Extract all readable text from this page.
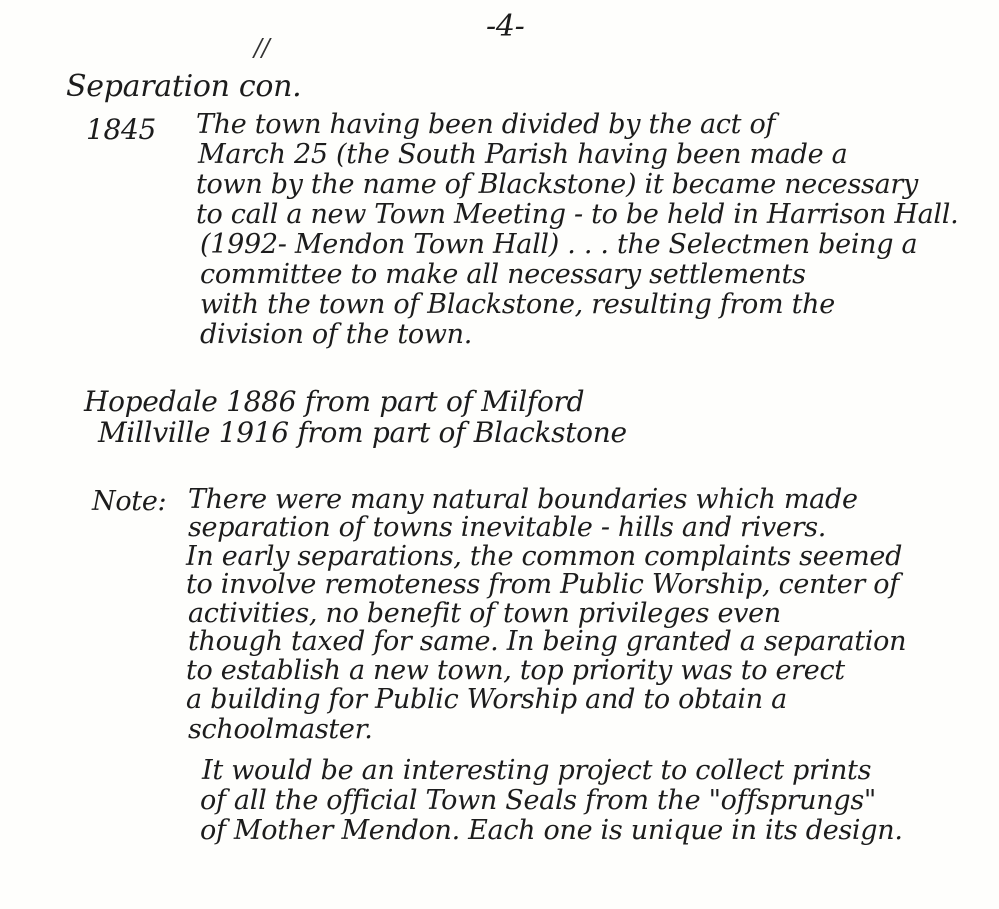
-4-
//
Separation con.
1845 The town having been divided by the act of
March 25 (the South Parish having been made a
town by the name of Blackstone) it became necessary
to call a new Town Meeting - to be held in Harrison Hall.
(1992- Mendon Town Hall) . . . the Selectmen being a
committee to make all necessary settlements
with the town of Blackstone, resulting from the
division of the town.
Hopedale 1886 from part of Milford
Millville 1916 from part of Blackstone
Note: There were many natural boundaries which made
separation of towns inevitable - hills and rivers.
In early separations, the common complaints seemed
to involve remoteness from Public Worship, center of
activities, no benefit of town privileges even
though taxed for same. In being granted a separation
to establish a new town, top priority was to erect
a building for Public Worship and to obtain a
schoolmaster.
It would be an interesting project to collect prints
of all the official Town Seals from the "offsprungs"
of Mother Mendon. Each one is unique in its design.
